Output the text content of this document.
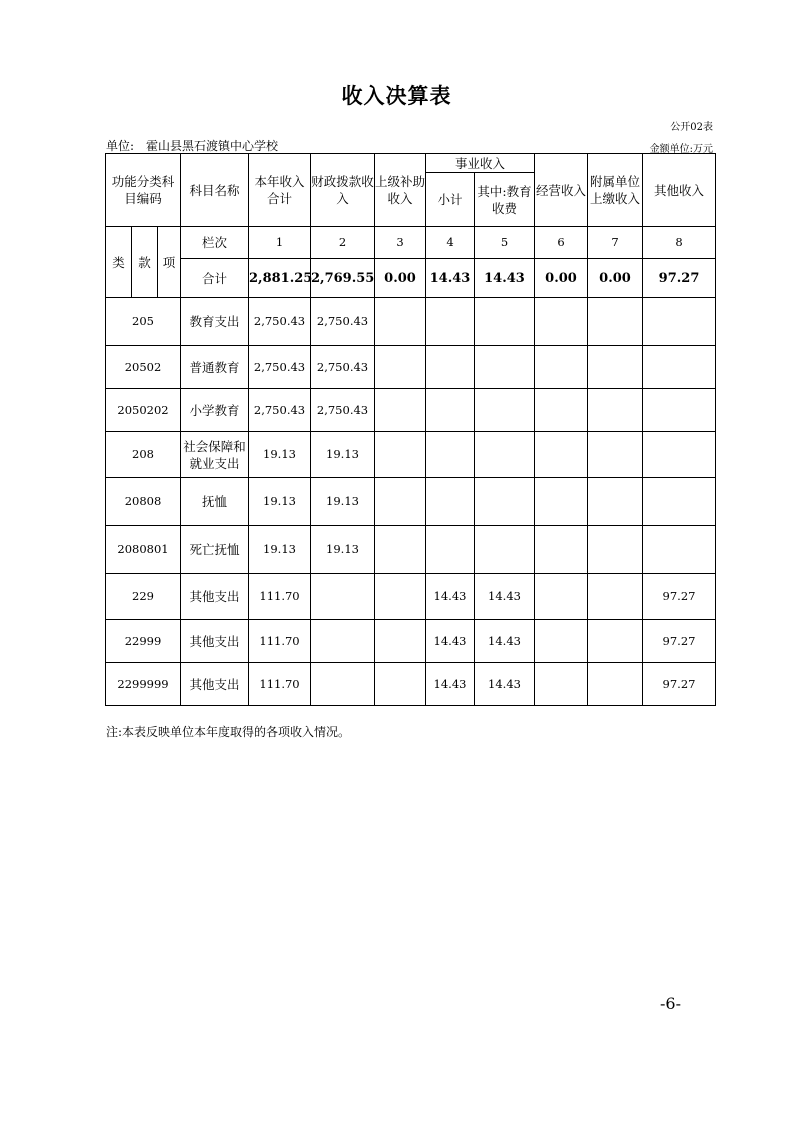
收入决算表
公开02表
单位: 霍山县黑石渡镇中心学校	金额单位:万元
功能分类科目编码			科目名称	本年收入合计	财政拨款收入	上级补助收入	事业收入		经营收入	附属单位上缴收入	其他收入
							小计	其中:教育收费			
类	款	项	栏次	1	2	3	4	5	6	7	8
			合计	2,881.25	2,769.55	0.00	14.43	14.43	0.00	0.00	97.27
205			教育支出	2,750.43	2,750.43						
20502			普通教育	2,750.43	2,750.43						
2050202			小学教育	2,750.43	2,750.43						
208			社会保障和就业支出	19.13	19.13						
20808			抚恤	19.13	19.13						
2080801			死亡抚恤	19.13	19.13						
229			其他支出	111.70			14.43	14.43			97.27
22999			其他支出	111.70			14.43	14.43			97.27
2299999			其他支出	111.70			14.43	14.43			97.27
注:本表反映单位本年度取得的各项收入情况。
-6-
